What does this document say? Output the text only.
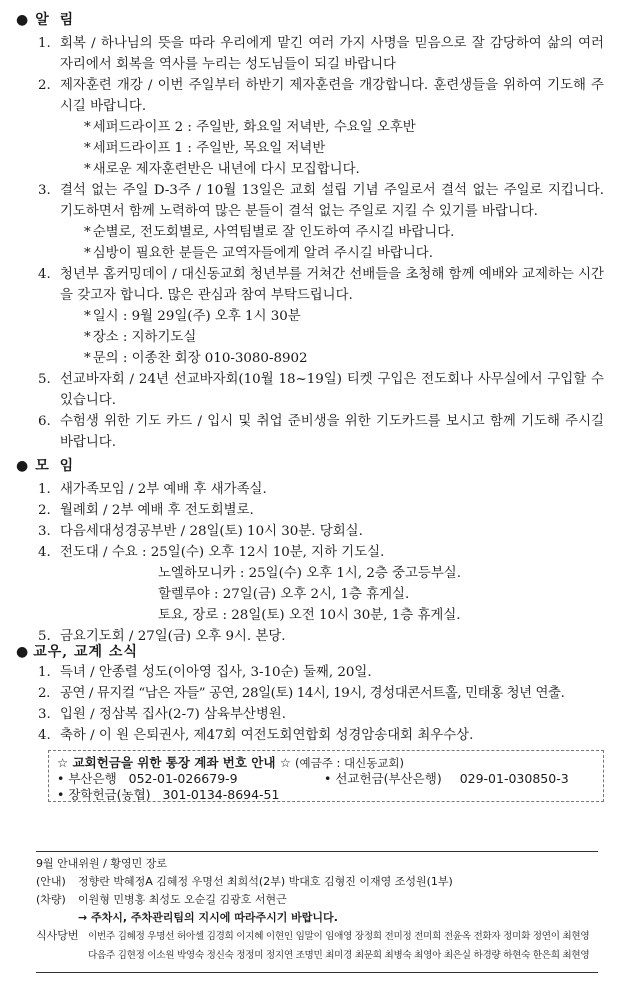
● 알 림
1. 회복 / 하나님의 뜻을 따라 우리에게 맡긴 여러 가지 사명을 믿음으로 잘 감당하여 삶의 여러 자리에서 회복을 역사를 누리는 성도님들이 되길 바랍니다
2. 제자훈련 개강 / 이번 주일부터 하반기 제자훈련을 개강합니다. 훈련생들을 위하여 기도해 주시길 바랍니다.
* 세퍼드라이프 2 : 주일반, 화요일 저녁반, 수요일 오후반
* 세퍼드라이프 1 : 주일반, 목요일 저녁반
* 새로운 제자훈련반은 내년에 다시 모집합니다.
3. 결석 없는 주일 D-3주 / 10월 13일은 교회 설립 기념 주일로서 결석 없는 주일로 지킵니다. 기도하면서 함께 노력하여 많은 분들이 결석 없는 주일로 지킬 수 있기를 바랍니다.
* 순별로, 전도회별로, 사역팀별로 잘 인도하여 주시길 바랍니다.
* 심방이 필요한 분들은 교역자들에게 알려 주시길 바랍니다.
4. 청년부 홈커밍데이 / 대신동교회 청년부를 거쳐간 선배들을 초청해 함께 예배와 교제하는 시간을 갖고자 합니다. 많은 관심과 참여 부탁드립니다.
* 일시 : 9월 29일(주) 오후 1시 30분
* 장소 : 지하기도실
* 문의 : 이종찬 회장 010-3080-8902
5. 선교바자회 / 24년 선교바자회(10월 18~19일) 티켓 구입은 전도회나 사무실에서 구입할 수 있습니다.
6. 수험생 위한 기도 카드 / 입시 및 취업 준비생을 위한 기도카드를 보시고 함께 기도해 주시길 바랍니다.
● 모 임
1. 새가족모임 / 2부 예배 후 새가족실.
2. 월례회 / 2부 예배 후 전도회별로.
3. 다음세대성경공부반 / 28일(토) 10시 30분. 당회실.
4. 전도대 / 수요 : 25일(수) 오후 12시 10분, 지하 기도실.
노엘하모니카 : 25일(수) 오후 1시, 2층 중고등부실.
할렐루야 : 27일(금) 오후 2시, 1층 휴게실.
토요, 장로 : 28일(토) 오전 10시 30분, 1층 휴게실.
5. 금요기도회 / 27일(금) 오후 9시. 본당.
● 교우, 교계 소식
1. 득녀 / 안종렬 성도(이아영 집사, 3-10순) 둘째, 20일.
2. 공연 / 뮤지컬 “남은 자들” 공연, 28일(토) 14시, 19시, 경성대콘서트홀, 민태홍 청년 연출.
3. 입원 / 정삼복 집사(2-7) 삼육부산병원.
4. 축하 / 이 원 은퇴권사, 제47회 여전도회연합회 성경암송대회 최우수상.
☆ 교회헌금을 위한 통장 계좌 번호 안내 ☆ (예금주 : 대신동교회)
• 부산은행 052-01-026679-9	• 선교헌금(부산은행) 029-01-030850-3
• 장학헌금(농협) 301-0134-8694-51
9월 안내위원 / 황영민 장로
(안내) 정향란 박혜정A 김혜정 우명선 최희석(2부) 박대호 김형진 이재영 조성원(1부)
(차량) 이원형 민병홍 최성도 오순길 김광호 서현근
→ 주차시, 주차관리팀의 지시에 따라주시기 바랍니다.
식사당번 이번주 김혜정 우명선 허아셀 김경희 이지혜 이현인 임말이 임애영 장정희 전미정 전미희 전윤옥 전화자 정미화 정연이 최현영
다음주 김현정 이소원 박영숙 정신숙 정정미 정지연 조명민 최미경 최문희 최병숙 최영아 최은실 하경량 하현숙 한은희 최현영
